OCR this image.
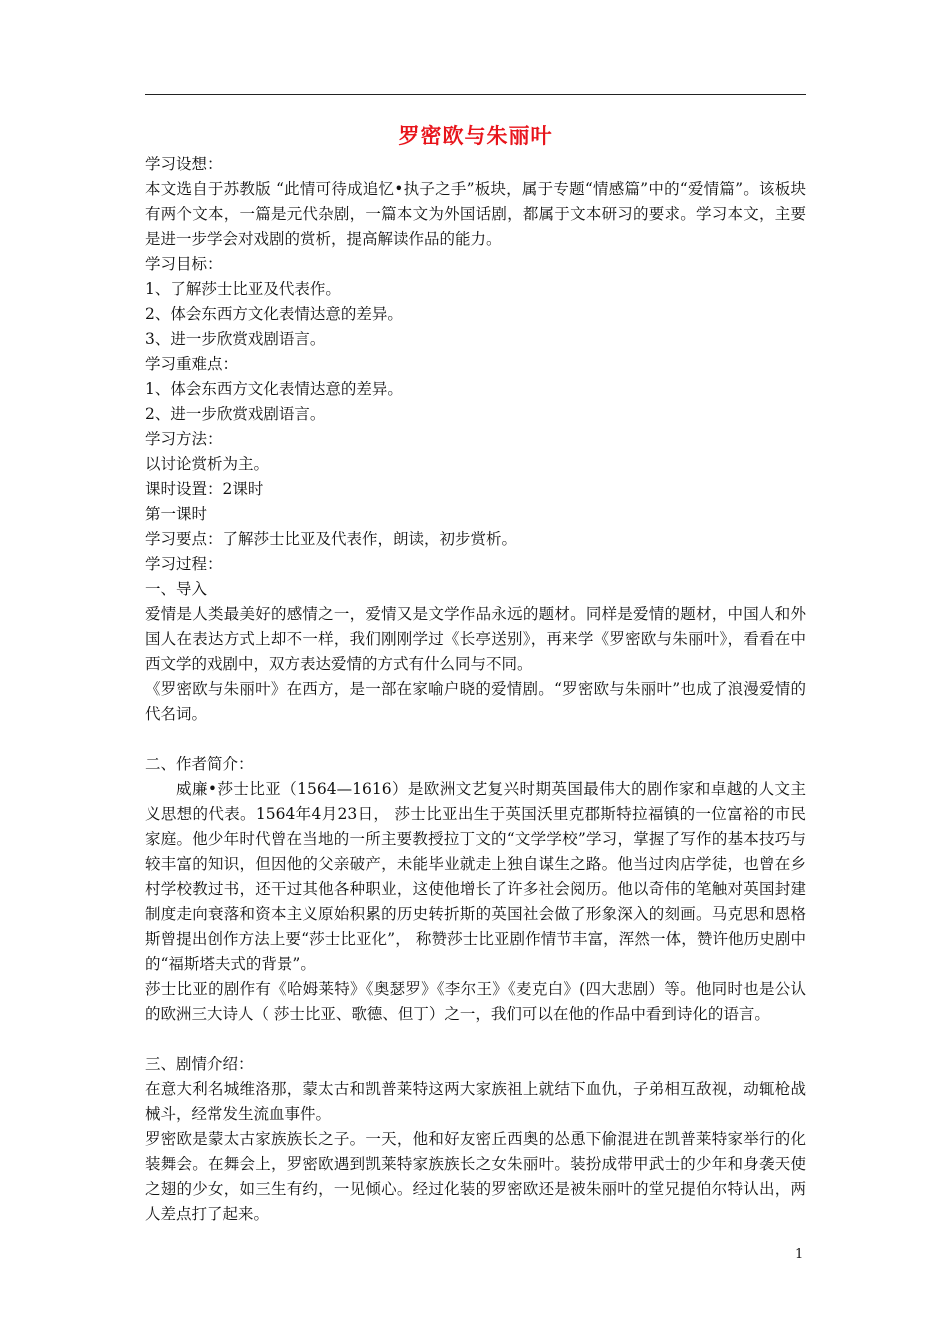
罗密欧与朱丽叶

学习设想：

本文选自于苏教版 “此情可待成追忆•执子之手”板块，属于专题“情感篇”中的“爱情篇”。该板块有两个文本，一篇是元代杂剧，一篇本文为外国话剧，都属于文本研习的要求。学习本文，主要是进一步学会对戏剧的赏析，提高解读作品的能力。

学习目标：

1、了解莎士比亚及代表作。

2、体会东西方文化表情达意的差异。

3、进一步欣赏戏剧语言。

学习重难点：

1、体会东西方文化表情达意的差异。

2、进一步欣赏戏剧语言。

学习方法：

以讨论赏析为主。

课时设置：2课时

第一课时

学习要点：了解莎士比亚及代表作，朗读，初步赏析。

学习过程：

一、导入

爱情是人类最美好的感情之一，爱情又是文学作品永远的题材。同样是爱情的题材，中国人和外国人在表达方式上却不一样，我们刚刚学过《长亭送别》，再来学《罗密欧与朱丽叶》，看看在中西文学的戏剧中，双方表达爱情的方式有什么同与不同。

《罗密欧与朱丽叶》在西方，是一部在家喻户晓的爱情剧。“罗密欧与朱丽叶”也成了浪漫爱情的代名词。

二、作者简介：

威廉•莎士比亚（1564—1616）是欧洲文艺复兴时期英国最伟大的剧作家和卓越的人文主义思想的代表。1564年4月23日， 莎士比亚出生于英国沃里克郡斯特拉福镇的一位富裕的市民家庭。他少年时代曾在当地的一所主要教授拉丁文的“文学学校”学习，掌握了写作的基本技巧与较丰富的知识，但因他的父亲破产，未能毕业就走上独自谋生之路。他当过肉店学徒，也曾在乡村学校教过书，还干过其他各种职业，这使他增长了许多社会阅历。他以奇伟的笔触对英国封建制度走向衰落和资本主义原始积累的历史转折斯的英国社会做了形象深入的刻画。马克思和恩格斯曾提出创作方法上要“莎士比亚化”， 称赞莎士比亚剧作情节丰富，浑然一体，赞许他历史剧中的“福斯塔夫式的背景”。

莎士比亚的剧作有《哈姆莱特》《奥瑟罗》《李尔王》《麦克白》(四大悲剧）等。他同时也是公认的欧洲三大诗人（ 莎士比亚、歌德、但丁）之一，我们可以在他的作品中看到诗化的语言。

三、剧情介绍：

在意大利名城维洛那，蒙太古和凯普莱特这两大家族祖上就结下血仇，子弟相互敌视，动辄枪战械斗，经常发生流血事件。

罗密欧是蒙太古家族族长之子。一天，他和好友密丘西奥的怂恿下偷混进在凯普莱特家举行的化装舞会。在舞会上，罗密欧遇到凯莱特家族族长之女朱丽叶。装扮成带甲武士的少年和身袭天使之翅的少女，如三生有约，一见倾心。经过化装的罗密欧还是被朱丽叶的堂兄提伯尔特认出，两人差点打了起来。

1
